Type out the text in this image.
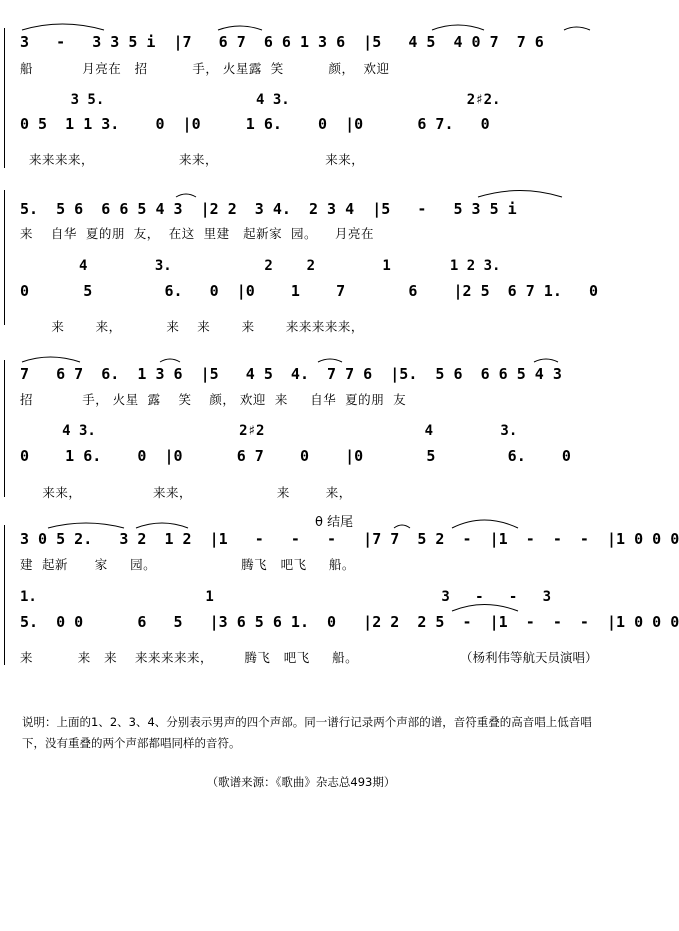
3   -   3 3 5 i  |7   6 7  6 6 1 3 6  |5   4 5  4 0 7  7 6
船           月亮在   招          手， 火星露  笑          颜，  欢迎
3 5.                  4 3.                     2♯2.
0 5  1 1 3.    0  |0     1 6.    0  |0      6 7.   0
来来来来，                   来来，                        来来，
5.  5 6  6 6 5 4 3  |2 2  3 4.  2 3 4  |5   -   5 3 5 i
来    自华  夏的朋  友，  在这  里建   起新家  园。    月亮在
4        3.           2    2        1       1 2 3.
0      5        6.   0  |0    1    7       6    |2 5  6 7 1.   0
来       来，          来    来       来       来来来来来，
7   6 7  6.  1 3 6  |5   4 5  4.  7 7 6  |5.  5 6  6 6 5 4 3
招           手， 火星  露    笑    颜， 欢迎  来     自华  夏的朋  友
4 3.                 2♯2                   4        3.
0    1 6.    0  |0      6 7    0    |0       5        6.    0
来来，                来来，                   来        来，
θ 结尾
3 0 5 2.   3 2  1 2  |1   -   -   -   |7 7  5 2  -  |1  -  -  -  |1 0 0 0
建  起新      家     园。                   腾飞   吧飞     船。
1.                    1                           3   -   -   3
5.  0 0      6   5   |3 6 5 6 1.  0   |2 2  2 5  -  |1  -  -  -  |1 0 0 0
来          来   来    来来来来来，       腾飞   吧飞     船。	（杨利伟等航天员演唱）
说明：上面的1、2、3、4、分别表示男声的四个声部。同一谱行记录两个声部的谱，音符重叠的高音唱上低音唱下，没有重叠的两个声部都唱同样的音符。
（歌谱来源：《歌曲》杂志总493期）
